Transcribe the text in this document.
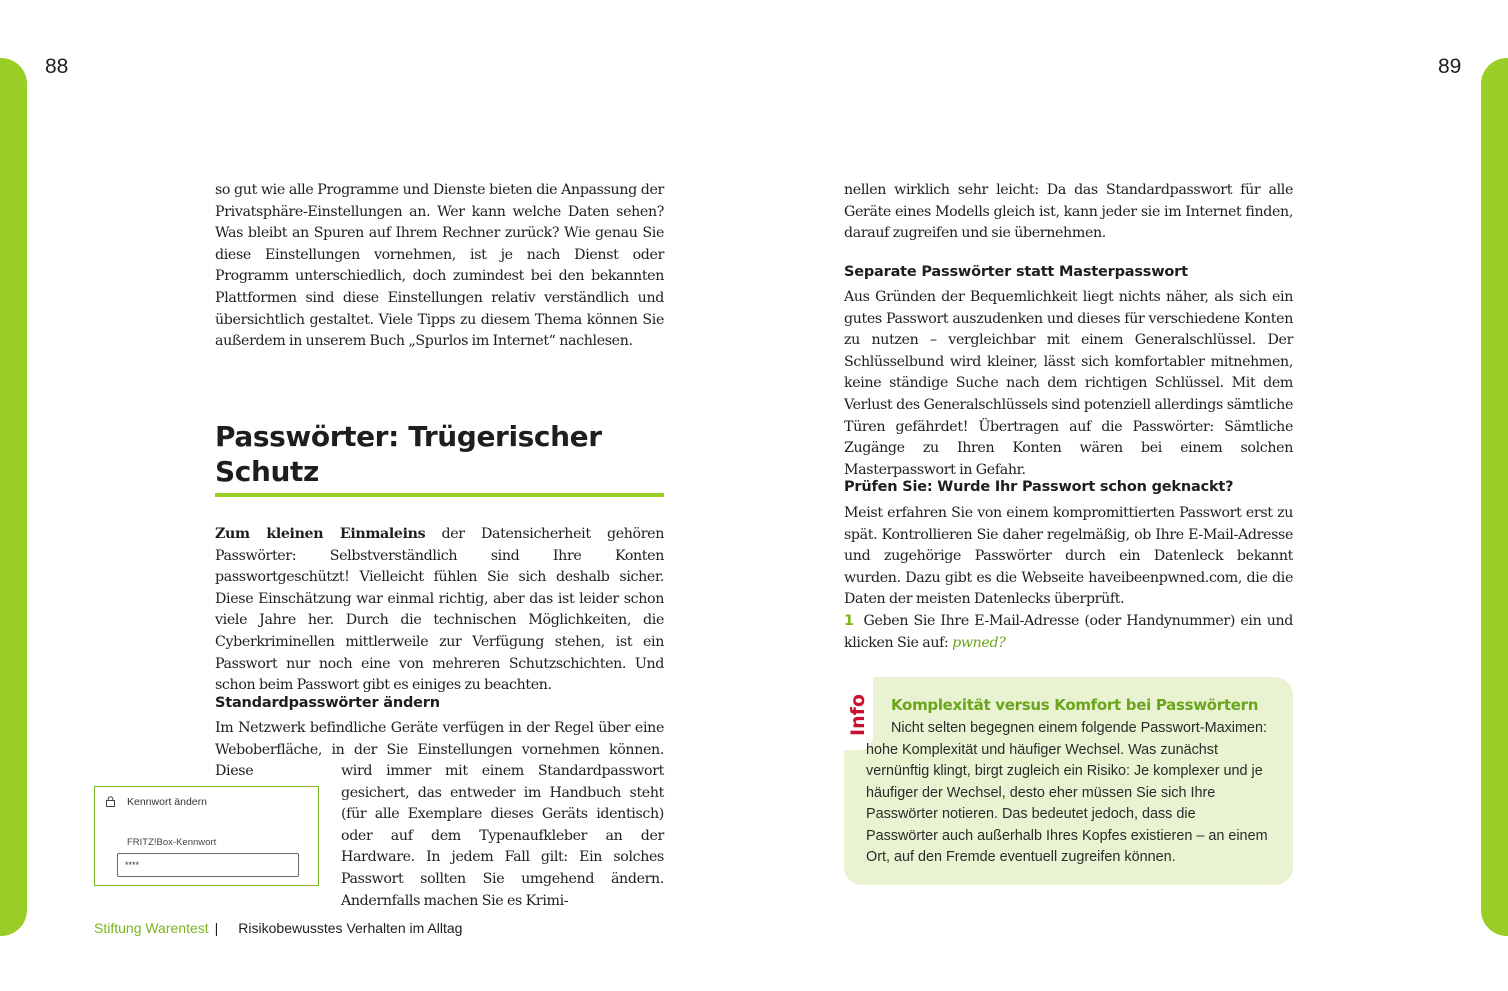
88	89

so gut wie alle Programme und Dienste bieten die Anpassung der Privatsphäre-Einstellungen an. Wer kann welche Daten sehen? Was bleibt an Spuren auf Ihrem Rechner zurück? Wie genau Sie diese Einstellungen vornehmen, ist je nach Dienst oder Programm unterschiedlich, doch zumindest bei den bekannten Plattformen sind diese Einstellungen relativ verständlich und übersichtlich gestaltet. Viele Tipps zu diesem Thema können Sie außerdem in unserem Buch „Spurlos im Internet“ nachlesen.

Passwörter: Trügerischer Schutz

Zum kleinen Einmaleins der Datensicherheit gehören Passwörter: Selbstverständlich sind Ihre Konten passwortgeschützt! Vielleicht fühlen Sie sich deshalb sicher. Diese Einschätzung war einmal richtig, aber das ist leider schon viele Jahre her. Durch die technischen Möglichkeiten, die Cyberkriminellen mittlerweile zur Verfügung stehen, ist ein Passwort nur noch eine von mehreren Schutzschichten. Und schon beim Passwort gibt es einiges zu beachten.

Standardpasswörter ändern

Im Netzwerk befindliche Geräte verfügen in der Regel über eine Weboberfläche, in der Sie Einstellungen vornehmen können. Diese	wird immer mit einem Standardpasswort gesichert, das entweder im Handbuch steht (für alle Exemplare dieses Geräts identisch) oder auf dem Typenaufkleber an der Hardware. In jedem Fall gilt: Ein solches Passwort sollten Sie umgehend ändern. Andernfalls machen Sie es Krimi-

Kennwort ändern
FRITZ!Box-Kennwort
****

nellen wirklich sehr leicht: Da das Standardpasswort für alle Geräte eines Modells gleich ist, kann jeder sie im Internet finden, darauf zugreifen und sie übernehmen.

Separate Passwörter statt Masterpasswort

Aus Gründen der Bequemlichkeit liegt nichts näher, als sich ein gutes Passwort auszudenken und dieses für verschiedene Konten zu nutzen – vergleichbar mit einem Generalschlüssel. Der Schlüsselbund wird kleiner, lässt sich komfortabler mitnehmen, keine ständige Suche nach dem richtigen Schlüssel. Mit dem Verlust des Generalschlüssels sind potenziell allerdings sämtliche Türen gefährdet! Übertragen auf die Passwörter: Sämtliche Zugänge zu Ihren Konten wären bei einem solchen Masterpasswort in Gefahr.

Prüfen Sie: Wurde Ihr Passwort schon geknackt?

Meist erfahren Sie von einem kompromittierten Passwort erst zu spät. Kontrollieren Sie daher regelmäßig, ob Ihre E-Mail-Adresse und zugehörige Passwörter durch ein Datenleck bekannt wurden. Dazu gibt es die Webseite haveibeenpwned.com, die die Daten der meisten Datenlecks überprüft.

1 Geben Sie Ihre E-Mail-Adresse (oder Handynummer) ein und klicken Sie auf: pwned?

Info Komplexität versus Komfort bei Passwörtern

Nicht selten begegnen einem folgende Passwort-Maximen: hohe Komplexität und häufiger Wechsel. Was zunächst vernünftig klingt, birgt zugleich ein Risiko: Je komplexer und je häufiger der Wechsel, desto eher müssen Sie sich Ihre Passwörter notieren. Das bedeutet jedoch, dass die Passwörter auch außerhalb Ihres Kopfes existieren – an einem Ort, auf den Fremde eventuell zugreifen können.

Stiftung Warentest | Risikobewusstes Verhalten im Alltag
